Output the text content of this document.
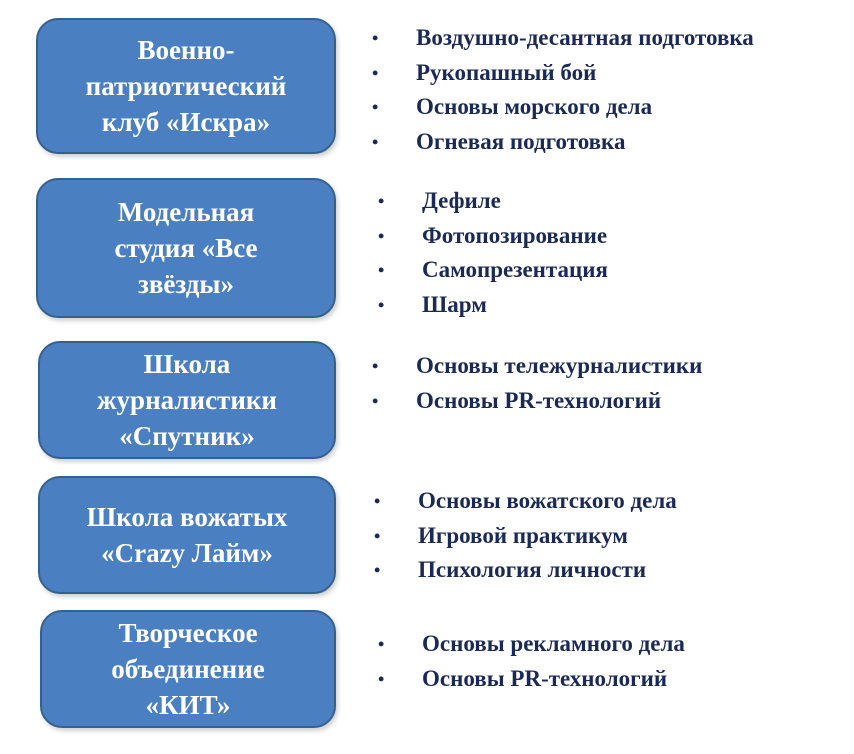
Военно-
патриотический
клуб «Искра»
• Воздушно-десантная подготовка
• Рукопашный бой
• Основы морского дела
• Огневая подготовка
Модельная
студия «Все
звёзды»
• Дефиле
• Фотопозирование
• Самопрезентация
• Шарм
Школа
журналистики
«Спутник»
• Основы тележурналистики
• Основы PR-технологий
Школа вожатых
«Crazy Лайм»
• Основы вожатского дела
• Игровой практикум
• Психология личности
Творческое
объединение
«КИТ»
• Основы рекламного дела
• Основы PR-технологий
